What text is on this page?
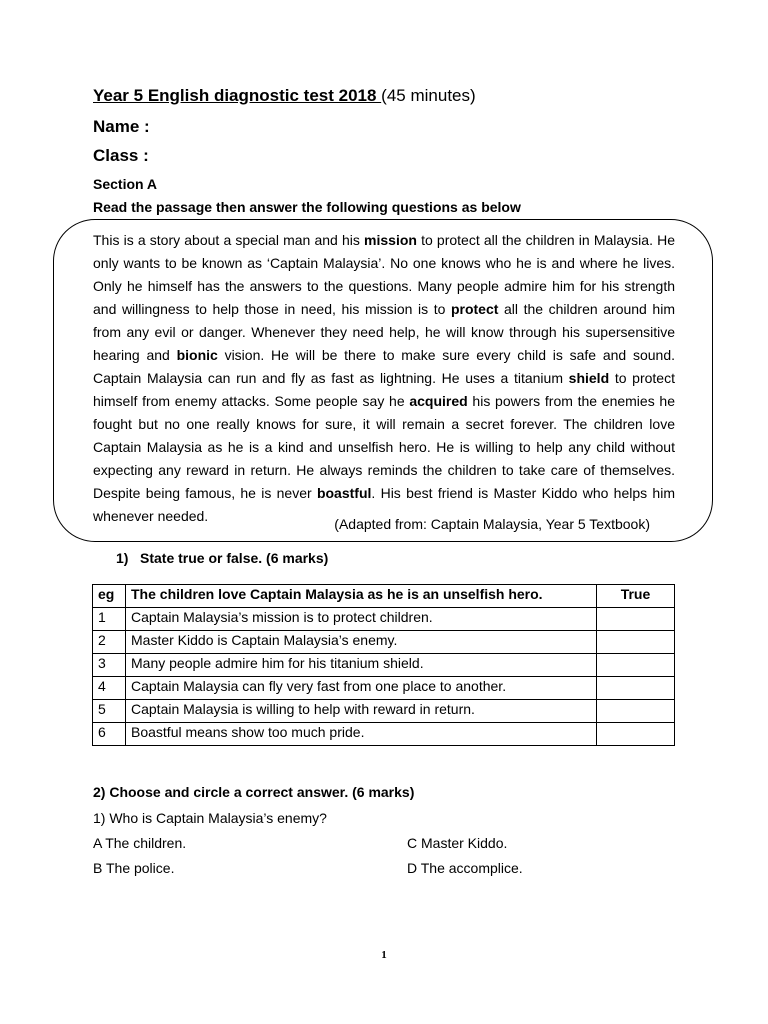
Year 5 English diagnostic test 2018 (45 minutes)
Name :
Class :
Section A
Read the passage then answer the following questions as below

This is a story about a special man and his mission to protect all the children in Malaysia. He only wants to be known as ‘Captain Malaysia’. No one knows who he is and where he lives. Only he himself has the answers to the questions. Many people admire him for his strength and willingness to help those in need, his mission is to protect all the children around him from any evil or danger. Whenever they need help, he will know through his supersensitive hearing and bionic vision. He will be there to make sure every child is safe and sound. Captain Malaysia can run and fly as fast as lightning. He uses a titanium shield to protect himself from enemy attacks. Some people say he acquired his powers from the enemies he fought but no one really knows for sure, it will remain a secret forever. The children love Captain Malaysia as he is a kind and unselfish hero. He is willing to help any child without expecting any reward in return. He always reminds the children to take care of themselves. Despite being famous, he is never boastful. His best friend is Master Kiddo who helps him whenever needed.	(Adapted from: Captain Malaysia, Year 5 Textbook)
1) State true or false. (6 marks)
eg	The children love Captain Malaysia as he is an unselfish hero.	True
1	Captain Malaysia’s mission is to protect children.	
2	Master Kiddo is Captain Malaysia’s enemy.	
3	Many people admire him for his titanium shield.	
4	Captain Malaysia can fly very fast from one place to another.	
5	Captain Malaysia is willing to help with reward in return.	
6	Boastful means show too much pride.	
2) Choose and circle a correct answer. (6 marks)
1) Who is Captain Malaysia’s enemy?
A The children.	C Master Kiddo.
B The police.	D The accomplice.
1
